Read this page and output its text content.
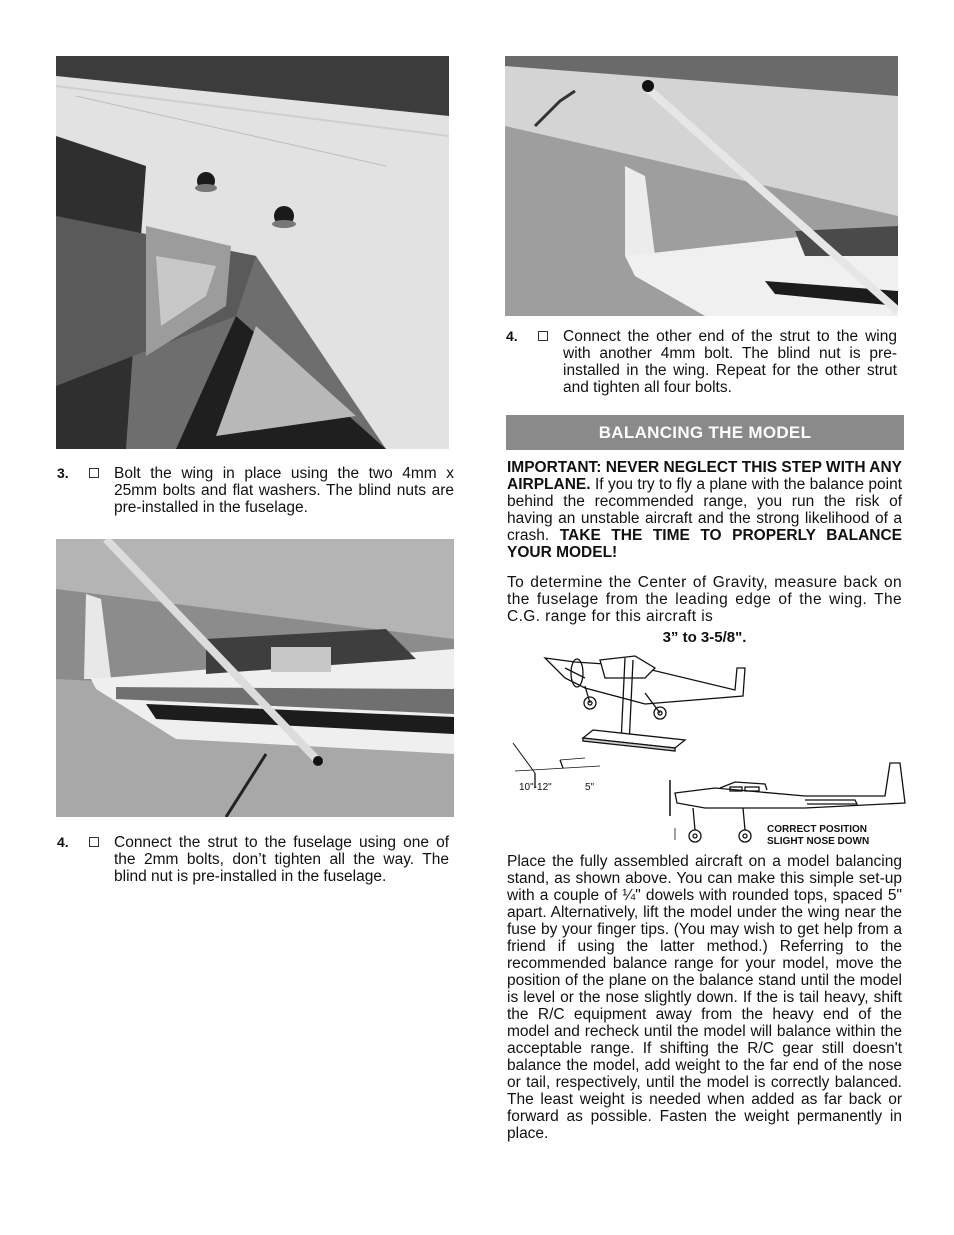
3.	Bolt the wing in place using the two 4mm x 25mm bolts and flat washers. The blind nuts are pre-installed in the fuselage.
4.	Connect the strut to the fuselage using one of the 2mm bolts, don’t tighten all the way. The blind nut is pre-installed in the fuselage.
4.	Connect the other end of the strut to the wing with another 4mm bolt. The blind nut is pre-installed in the wing. Repeat for the other strut and tighten all four bolts.
BALANCING THE MODEL
IMPORTANT: NEVER NEGLECT THIS STEP WITH ANY AIRPLANE. If you try to fly a plane with the balance point behind the recommended range, you run the risk of having an unstable aircraft and the strong likelihood of a crash. TAKE THE TIME TO PROPERLY BALANCE YOUR MODEL!
To determine the Center of Gravity, measure back on the fuselage from the leading edge of the wing. The C.G. range for this aircraft is
3” to 3-5/8".
10"-12"	5"
CORRECT POSITION
SLIGHT NOSE DOWN
Place the fully assembled aircraft on a model balancing stand, as shown above. You can make this simple set-up with a couple of ¼" dowels with rounded tops, spaced 5" apart. Alternatively, lift the model under the wing near the fuse by your finger tips. (You may wish to get help from a friend if using the latter method.) Referring to the recommended balance range for your model, move the position of the plane on the balance stand until the model is level or the nose slightly down. If the is tail heavy, shift the R/C equipment away from the heavy end of the model and recheck until the model will balance within the acceptable range. If shifting the R/C gear still doesn't balance the model, add weight to the far end of the nose or tail, respectively, until the model is correctly balanced. The least weight is needed when added as far back or forward as possible. Fasten the weight permanently in place.
